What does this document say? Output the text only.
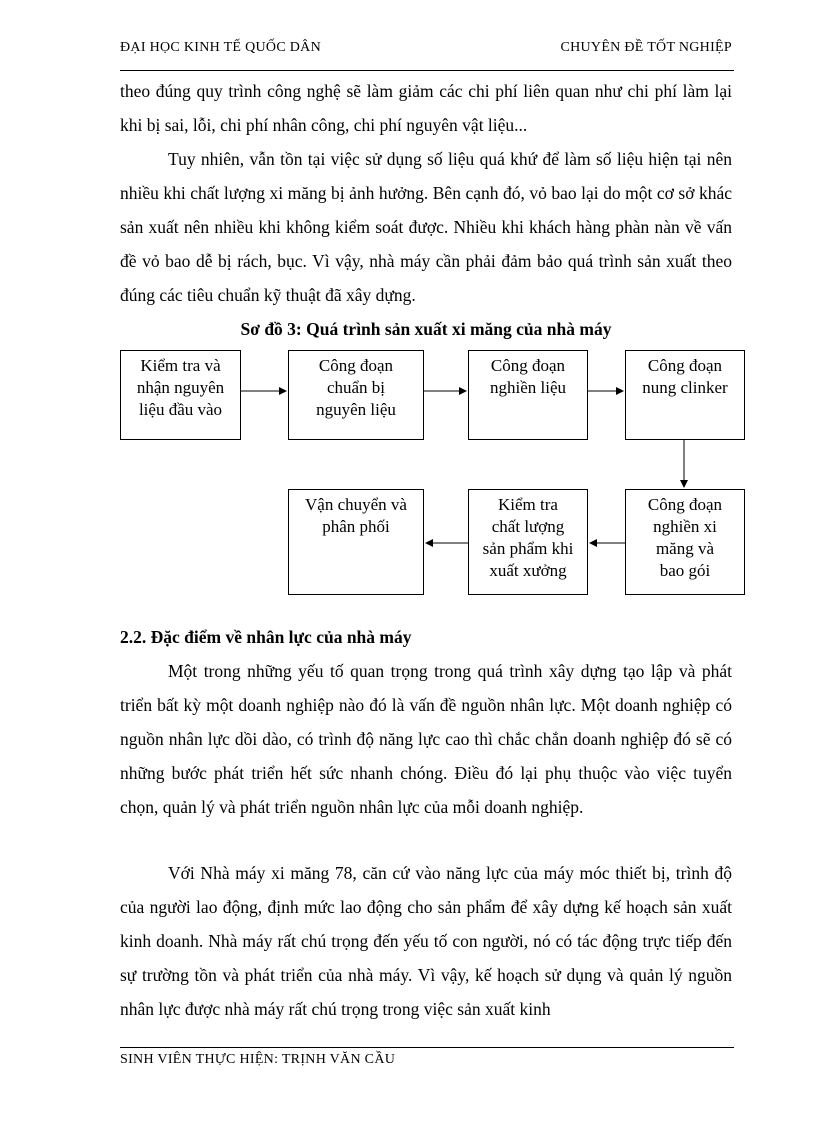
ĐẠI HỌC KINH TẾ QUỐC DÂN	CHUYÊN ĐỀ TỐT NGHIỆP

theo đúng quy trình công nghệ sẽ làm giảm các chi phí liên quan như chi phí làm lại khi bị sai, lỗi, chi phí nhân công, chi phí nguyên vật liệu...

Tuy nhiên, vẫn tồn tại việc sử dụng số liệu quá khứ để làm số liệu hiện tại nên nhiều khi chất lượng xi măng bị ảnh hưởng. Bên cạnh đó, vỏ bao lại do một cơ sở khác sản xuất nên nhiều khi không kiểm soát được. Nhiều khi khách hàng phàn nàn về vấn đề vỏ bao dễ bị rách, bục. Vì vậy, nhà máy cần phải đảm bảo quá trình sản xuất theo đúng các tiêu chuẩn kỹ thuật đã xây dựng.

Sơ đồ 3: Quá trình sản xuất xi măng của nhà máy
Kiểm tra và
nhận nguyên
liệu đầu vào
Công đoạn
chuẩn bị
nguyên liệu
Công đoạn
nghiền liệu
Công đoạn
nung clinker
Công đoạn
nghiền xi
măng và
bao gói
Kiểm tra
chất lượng
sản phẩm khi
xuất xưởng
Vận chuyển và
phân phối
2.2. Đặc điểm về nhân lực của nhà máy

Một trong những yếu tố quan trọng trong quá trình xây dựng tạo lập và phát triển bất kỳ một doanh nghiệp nào đó là vấn đề nguồn nhân lực. Một doanh nghiệp có nguồn nhân lực dồi dào, có trình độ năng lực cao thì chắc chắn doanh nghiệp đó sẽ có những bước phát triển hết sức nhanh chóng. Điều đó lại phụ thuộc vào việc tuyển chọn, quản lý và phát triển nguồn nhân lực của mỗi doanh nghiệp.

Với Nhà máy xi măng 78, căn cứ vào năng lực của máy móc thiết bị, trình độ của người lao động, định mức lao động cho sản phẩm để xây dựng kế hoạch sản xuất kinh doanh. Nhà máy rất chú trọng đến yếu tố con người, nó có tác động trực tiếp đến sự trường tồn và phát triển của nhà máy. Vì vậy, kế hoạch sử dụng và quản lý nguồn nhân lực được nhà máy rất chú trọng trong việc sản xuất kinh

SINH VIÊN THỰC HIỆN: TRỊNH VĂN CẦU
